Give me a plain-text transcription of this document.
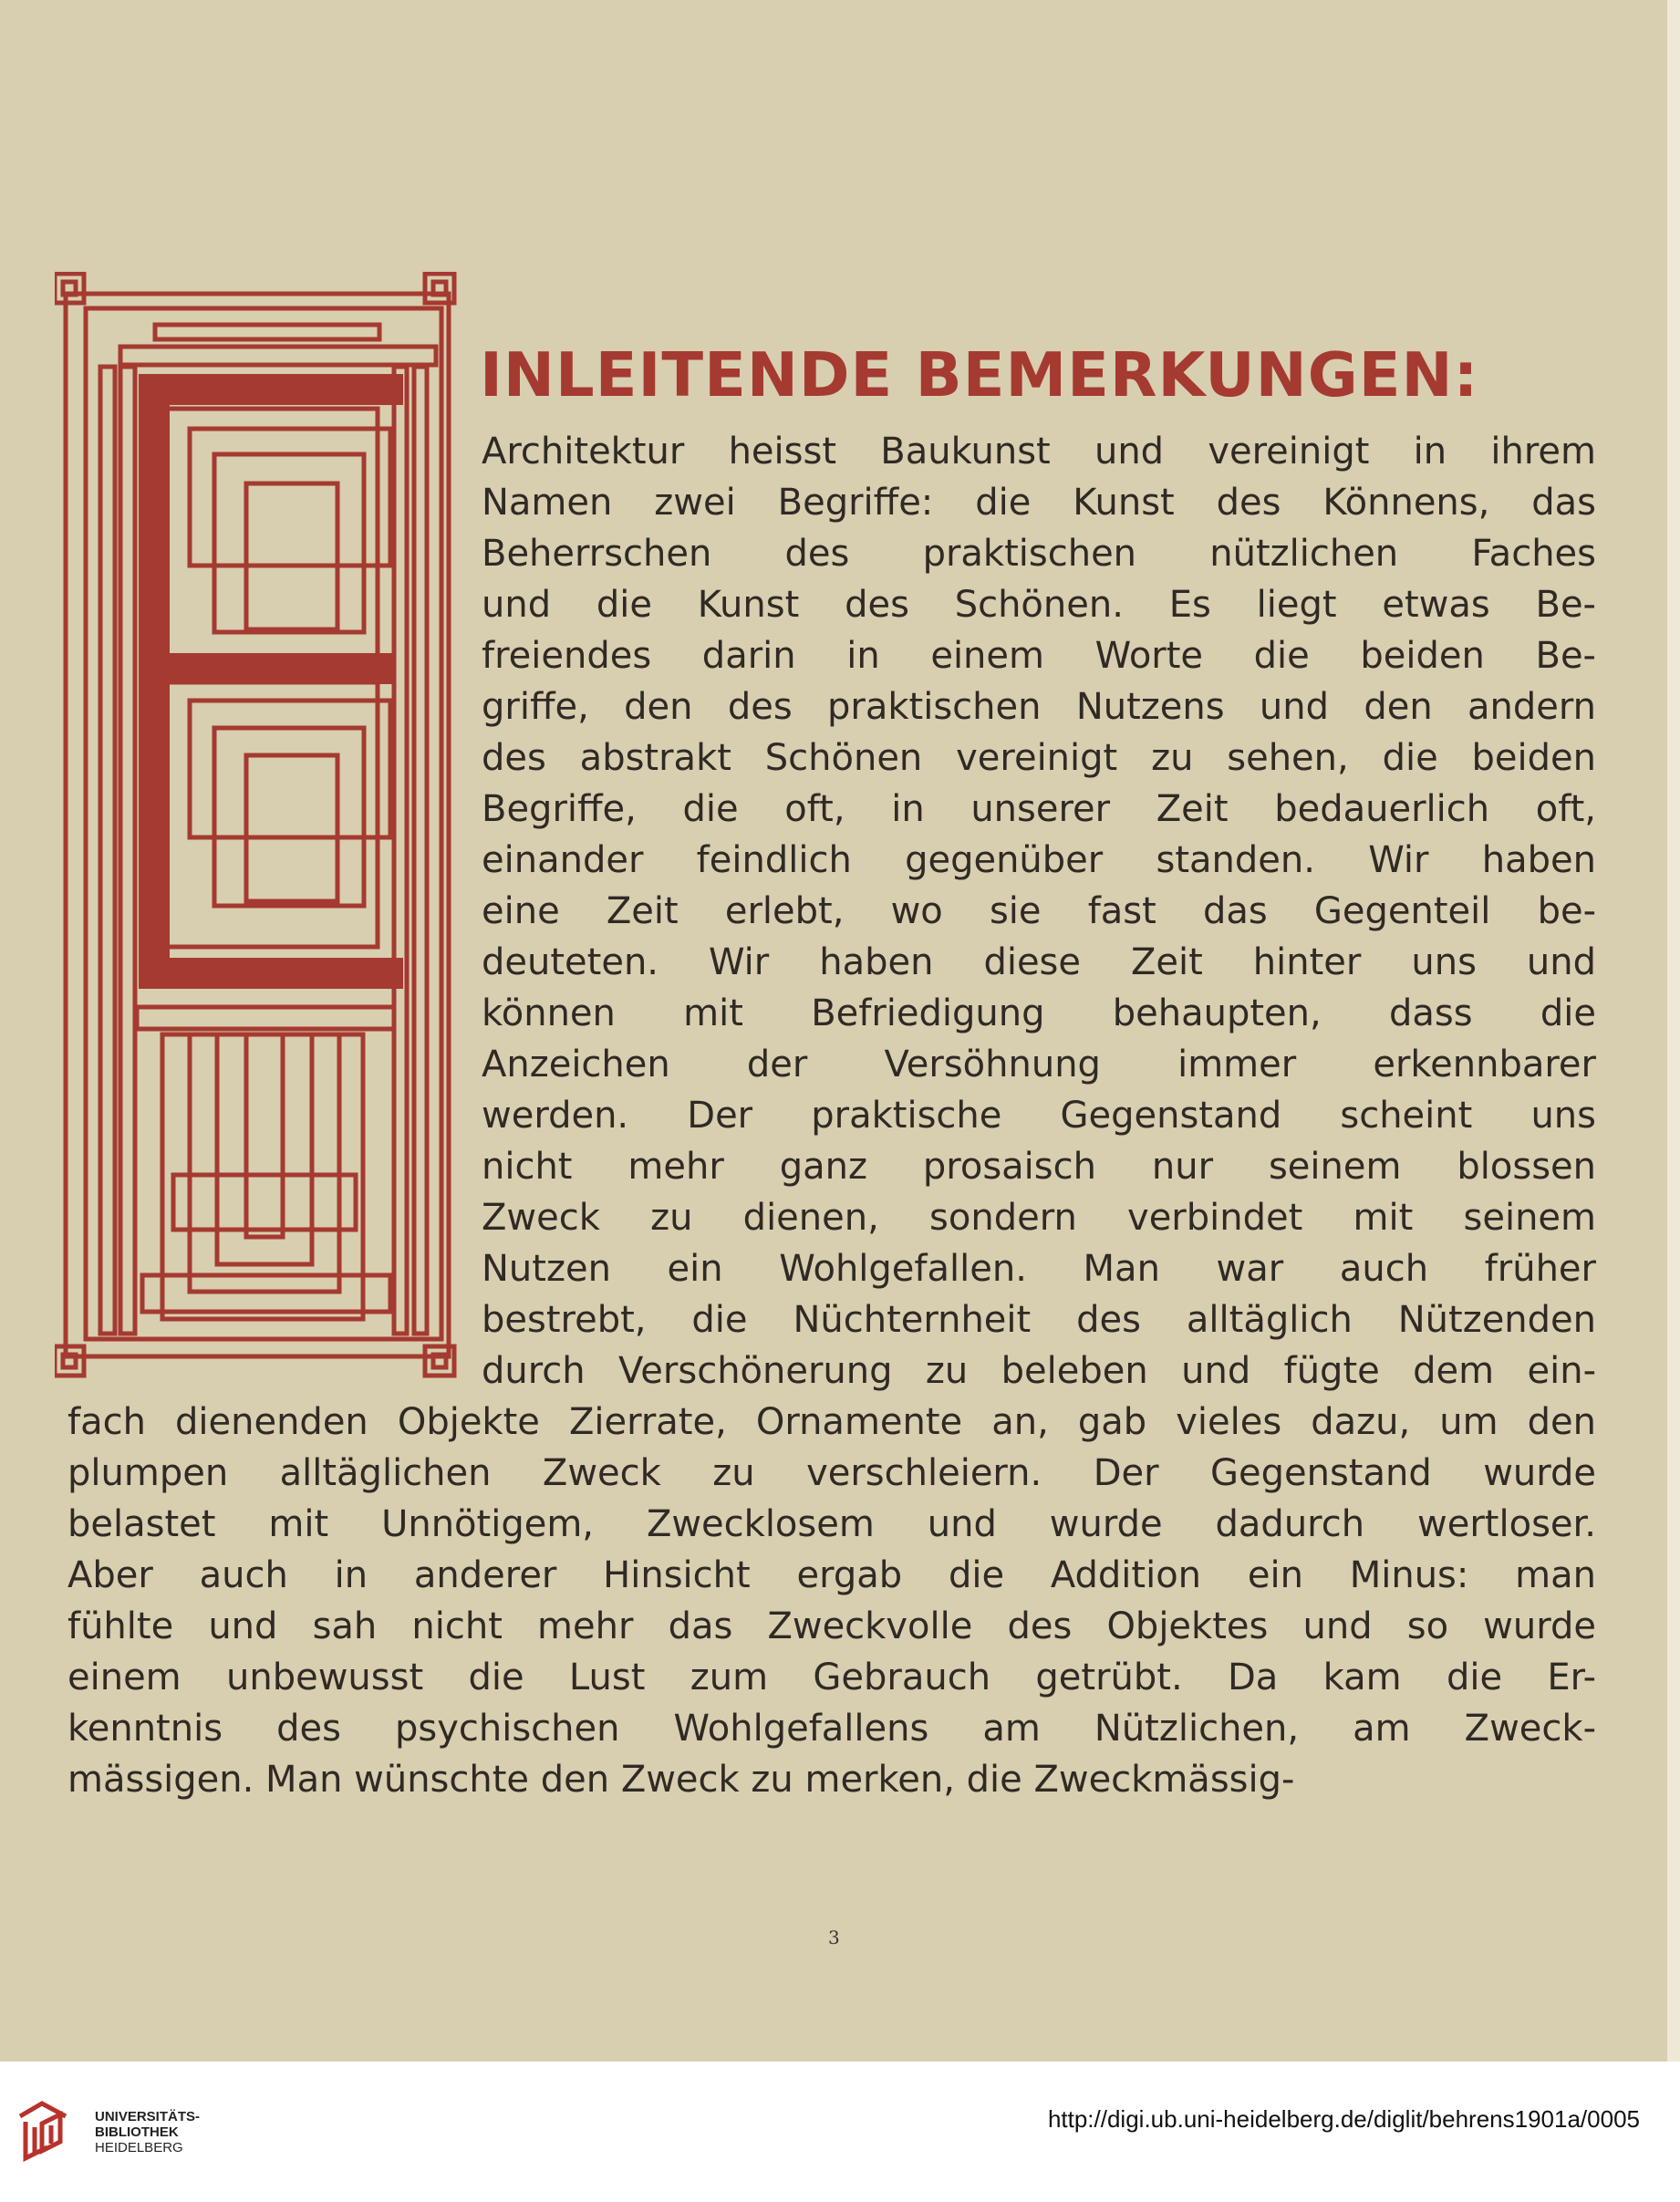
INLEITENDE BEMERKUNGEN:

Architektur heisst Baukunst und vereinigt in ihrem

Namen zwei Begriffe: die Kunst des Könnens, das

Beherrschen des praktischen nützlichen Faches

und die Kunst des Schönen. Es liegt etwas Be-

freiendes darin in einem Worte die beiden Be-

griffe, den des praktischen Nutzens und den andern

des abstrakt Schönen vereinigt zu sehen, die beiden

Begriffe, die oft, in unserer Zeit bedauerlich oft,

einander feindlich gegenüber standen. Wir haben

eine Zeit erlebt, wo sie fast das Gegenteil be-

deuteten. Wir haben diese Zeit hinter uns und

können mit Befriedigung behaupten, dass die

Anzeichen der Versöhnung immer erkennbarer

werden. Der praktische Gegenstand scheint uns

nicht mehr ganz prosaisch nur seinem blossen

Zweck zu dienen, sondern verbindet mit seinem

Nutzen ein Wohlgefallen. Man war auch früher

bestrebt, die Nüchternheit des alltäglich Nützenden

durch Verschönerung zu beleben und fügte dem ein-

fach dienenden Objekte Zierrate, Ornamente an, gab vieles dazu, um den

plumpen alltäglichen Zweck zu verschleiern. Der Gegenstand wurde

belastet mit Unnötigem, Zwecklosem und wurde dadurch wertloser.

Aber auch in anderer Hinsicht ergab die Addition ein Minus: man

fühlte und sah nicht mehr das Zweckvolle des Objektes und so wurde

einem unbewusst die Lust zum Gebrauch getrübt. Da kam die Er-

kenntnis des psychischen Wohlgefallens am Nützlichen, am Zweck-

mässigen. Man wünschte den Zweck zu merken, die Zweckmässig-

3
UNIVERSITÄTS-
BIBLIOTHEK
HEIDELBERG
http://digi.ub.uni-heidelberg.de/diglit/behrens1901a/0005
